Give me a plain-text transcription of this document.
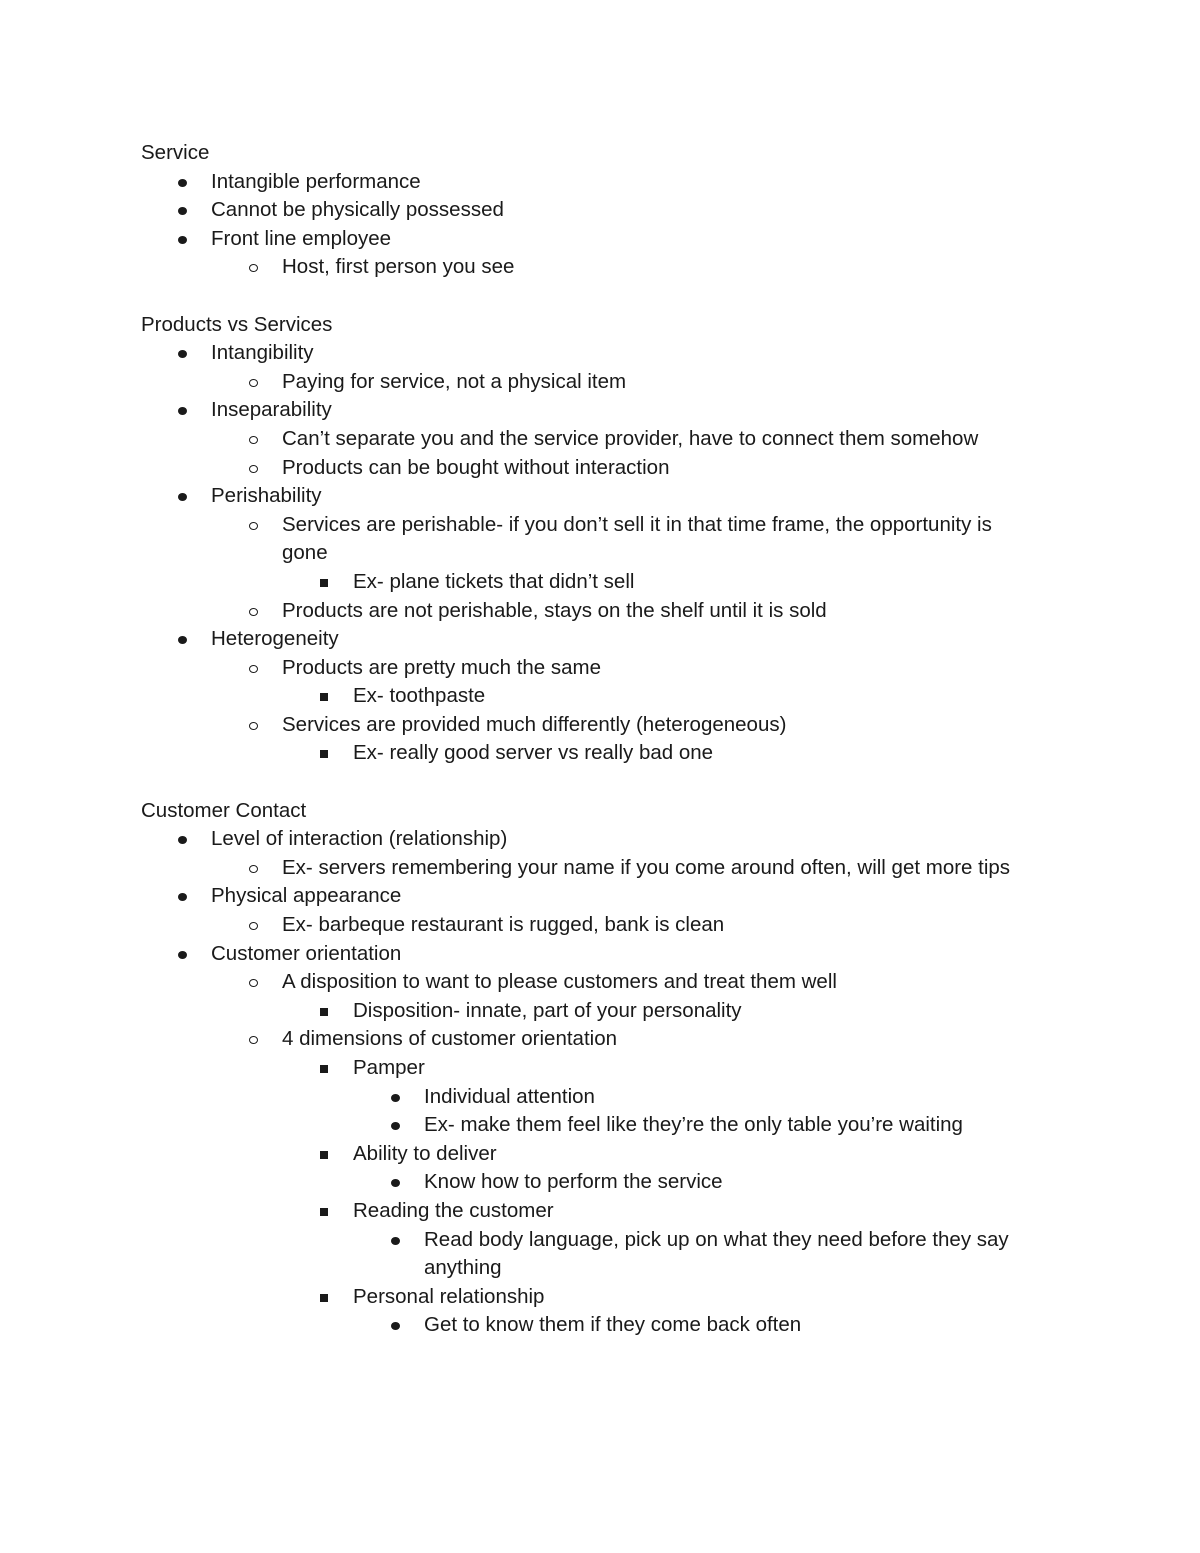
Service
Intangible performance
Cannot be physically possessed
Front line employee
Host, first person you see
Products vs Services
Intangibility
Paying for service, not a physical item
Inseparability
Can’t separate you and the service provider, have to connect them somehow
Products can be bought without interaction
Perishability
Services are perishable- if you don’t sell it in that time frame, the opportunity is
gone
Ex- plane tickets that didn’t sell
Products are not perishable, stays on the shelf until it is sold
Heterogeneity
Products are pretty much the same
Ex- toothpaste
Services are provided much differently (heterogeneous)
Ex- really good server vs really bad one
Customer Contact
Level of interaction (relationship)
Ex- servers remembering your name if you come around often, will get more tips
Physical appearance
Ex- barbeque restaurant is rugged, bank is clean
Customer orientation
A disposition to want to please customers and treat them well
Disposition- innate, part of your personality
4 dimensions of customer orientation
Pamper
Individual attention
Ex- make them feel like they’re the only table you’re waiting
Ability to deliver
Know how to perform the service
Reading the customer
Read body language, pick up on what they need before they say
anything
Personal relationship
Get to know them if they come back often
